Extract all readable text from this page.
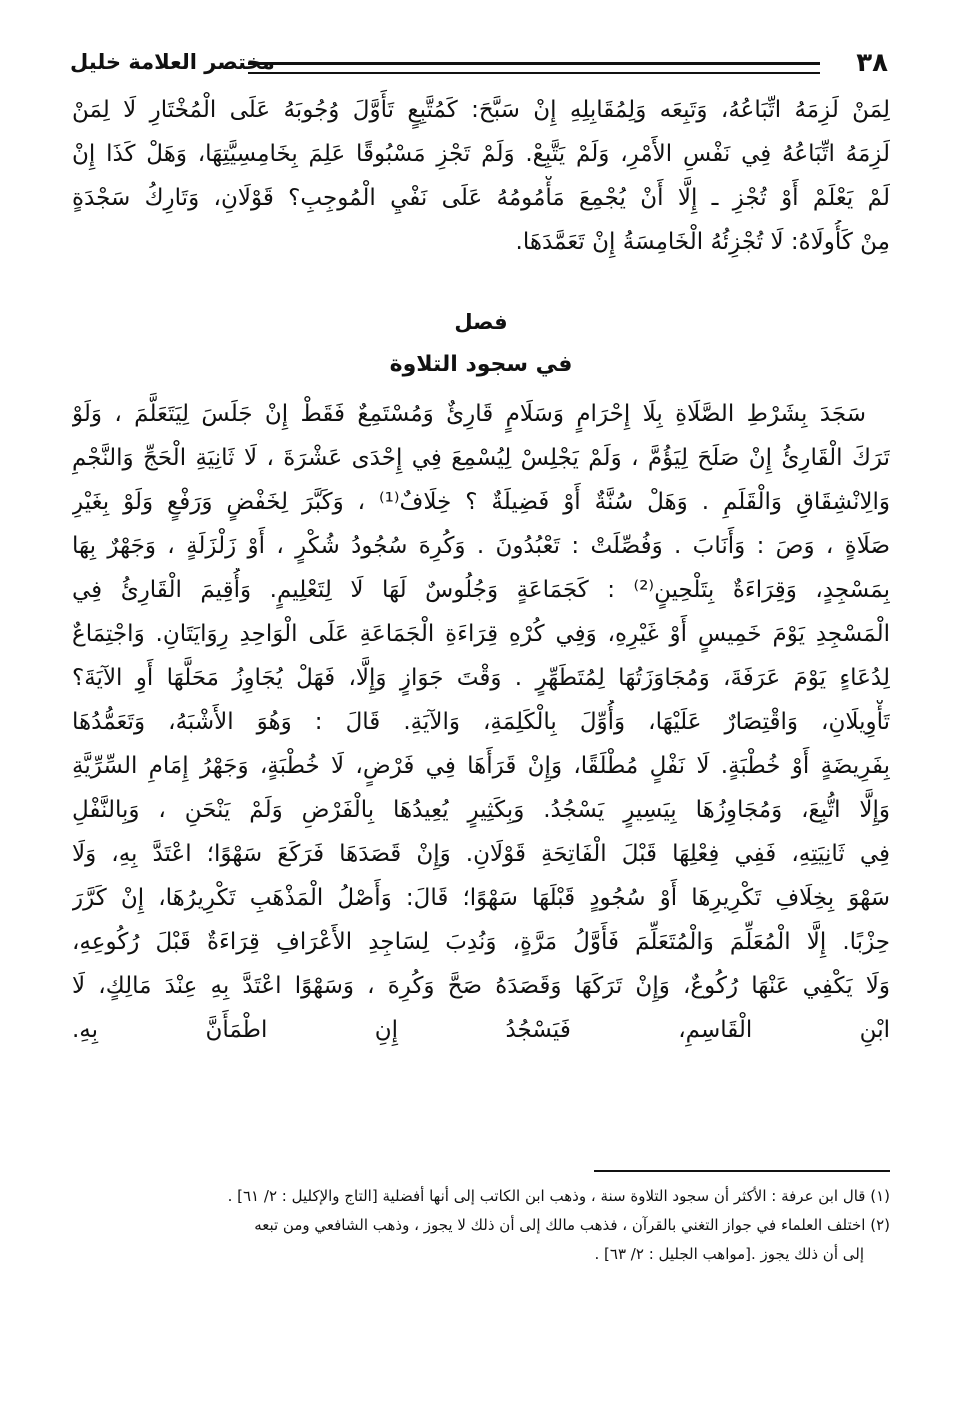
٣٨
مختصر العلامة خليل
لِمَنْ لَزِمَهُ اتِّبَاعُهُ، وَتَبِعَه وَلِمُقَابِلِهِ إِنْ سَبَّحَ: كَمُتَّبِعٍ تَأَوَّلَ وُجُوبَهُ عَلَى الْمُخْتَارِ لَا لِمَنْ
لَزِمَهُ اتِّبَاعُهُ فِي نَفْسِ الأَمْرِ، وَلَمْ يَتَّبِعْ. وَلَمْ تَجْزِ مَسْبُوقًا عَلِمَ بِخَامِسِيَّتِهَا، وَهَلْ كَذَا إِنْ
لَمْ يَعْلَمْ أَوْ تُجْزِ ـ إِلَّا أَنْ يُجْمِعَ مَأْمُومُهُ عَلَى نَفْيِ الْمُوجِبِ؟ قَوْلَانِ، وَتَارِكُ سَجْدَةٍ
مِنْ كَأُولَاهُ: لَا تُجْزِئُهُ الْخَامِسَةُ إِنْ تَعَمَّدَهَا.
فصل
في سجود التلاوة
سَجَدَ بِشَرْطِ الصَّلَاةِ بِلَا إِحْرَامٍ وَسَلَامٍ قَارِئٌ وَمُسْتَمِعٌ فَقَطْ إِنْ جَلَسَ لِيَتَعَلَّمَ ، وَلَوْ
تَرَكَ الْقَارِئُ إِنْ صَلَحَ لِيَؤُمَّ ، وَلَمْ يَجْلِسْ لِيُسْمِعَ فِي إِحْدَى عَشْرَةَ ، لَا ثَانِيَةِ الْحَجِّ وَالنَّجْمِ
وَالِانْشِقَاقِ وَالْقَلَمِ . وَهَلْ سُنَّةٌ أَوْ فَضِيلَةٌ ؟ خِلَافٌ⁽¹⁾ ، وَكَبَّرَ لِخَفْضٍ وَرَفْعٍ وَلَوْ بِغَيْرِ
صَلَاةٍ ، وَصَ : وَأَنَابَ . وَفُصِّلَتْ : تَعْبُدُونَ . وَكُرِهَ سُجُودُ شُكْرٍ ، أَوْ زَلْزَلَةٍ ، وَجَهْرٌ بِهَا
بِمَسْجِدٍ، وَقِرَاءَةٌ بِتَلْحِينٍ⁽²⁾ : كَجَمَاعَةٍ وَجُلُوسٌ لَهَا لَا لِتَعْلِيمٍ. وَأُقِيمَ الْقَارِئُ فِي
الْمَسْجِدِ يَوْمَ خَمِيسٍ أَوْ غَيْرِهِ، وَفِي كُرْهِ قِرَاءَةِ الْجَمَاعَةِ عَلَى الْوَاحِدِ رِوَايَتَانِ. وَاجْتِمَاعٌ
لِدُعَاءٍ يَوْمَ عَرَفَةَ، وَمُجَاوَزَتُهَا لِمُتَطَهِّرٍ . وَقْتَ جَوَازٍ وَإِلَّا، فَهَلْ يُجَاوِزُ مَحَلَّهَا أَوِ الآيَةَ؟
تَأْوِيلَانِ، وَاقْتِصَارٌ عَلَيْهَا، وَأُوِّلَ بِالْكَلِمَةِ، وَالآيَةِ. قَالَ : وَهُوَ الأَشْبَهُ، وَتَعَمُّدُهَا
بِفَرِيضَةٍ أَوْ خُطْبَةٍ. لَا نَفْلٍ مُطْلَقًا، وَإِنْ قَرَأَهَا فِي فَرْضٍ، لَا خُطْبَةٍ، وَجَهْرُ إِمَامِ السِّرِّيَّةِ
وَإِلَّا اتُّبِعَ، وَمُجَاوِزُهَا بِيَسِيرٍ يَسْجُدُ. وَبِكَثِيرٍ يُعِيدُهَا بِالْفَرْضِ وَلَمْ يَنْحَنِ ، وَبِالنَّفْلِ
فِي ثَانِيَتِهِ، فَفِي فِعْلِهَا قَبْلَ الْفَاتِحَةِ قَوْلَانِ. وَإِنْ قَصَدَهَا فَرَكَعَ سَهْوًا؛ اعْتَدَّ بِهِ، وَلَا
سَهْوَ بِخِلَافِ تَكْرِيرِهَا أَوْ سُجُودٍ قَبْلَهَا سَهْوًا؛ قَالَ: وَأَصْلُ الْمَذْهَبِ تَكْرِيرُهَا، إِنْ كَرَّرَ
حِزْبًا. إِلَّا الْمُعَلِّمَ وَالْمُتَعَلِّمَ فَأَوَّلُ مَرَّةٍ، وَنُدِبَ لِسَاجِدِ الأَعْرَافِ قِرَاءَةٌ قَبْلَ رُكُوعِهِ،
وَلَا يَكْفِي عَنْهَا رُكُوعٌ، وَإِنْ تَرَكَهَا وَقَصَدَهُ صَحَّ وَكُرِهَ ، وَسَهْوًا اعْتَدَّ بِهِ عِنْدَ مَالِكٍ، لَا
ابْنِ الْقَاسِمِ، فَيَسْجُدُ إِنِ اطْمَأَنَّ بِهِ.
(١) قال ابن عرفة : الأكثر أن سجود التلاوة سنة ، وذهب ابن الكاتب إلى أنها أفضلية [التاج والإكليل : ٢/ ٦١] .
(٢) اختلف العلماء في جواز التغني بالقرآن ، فذهب مالك إلى أن ذلك لا يجوز ، وذهب الشافعي ومن تبعه
إلى أن ذلك يجوز .[مواهب الجليل : ٢/ ٦٣] .
